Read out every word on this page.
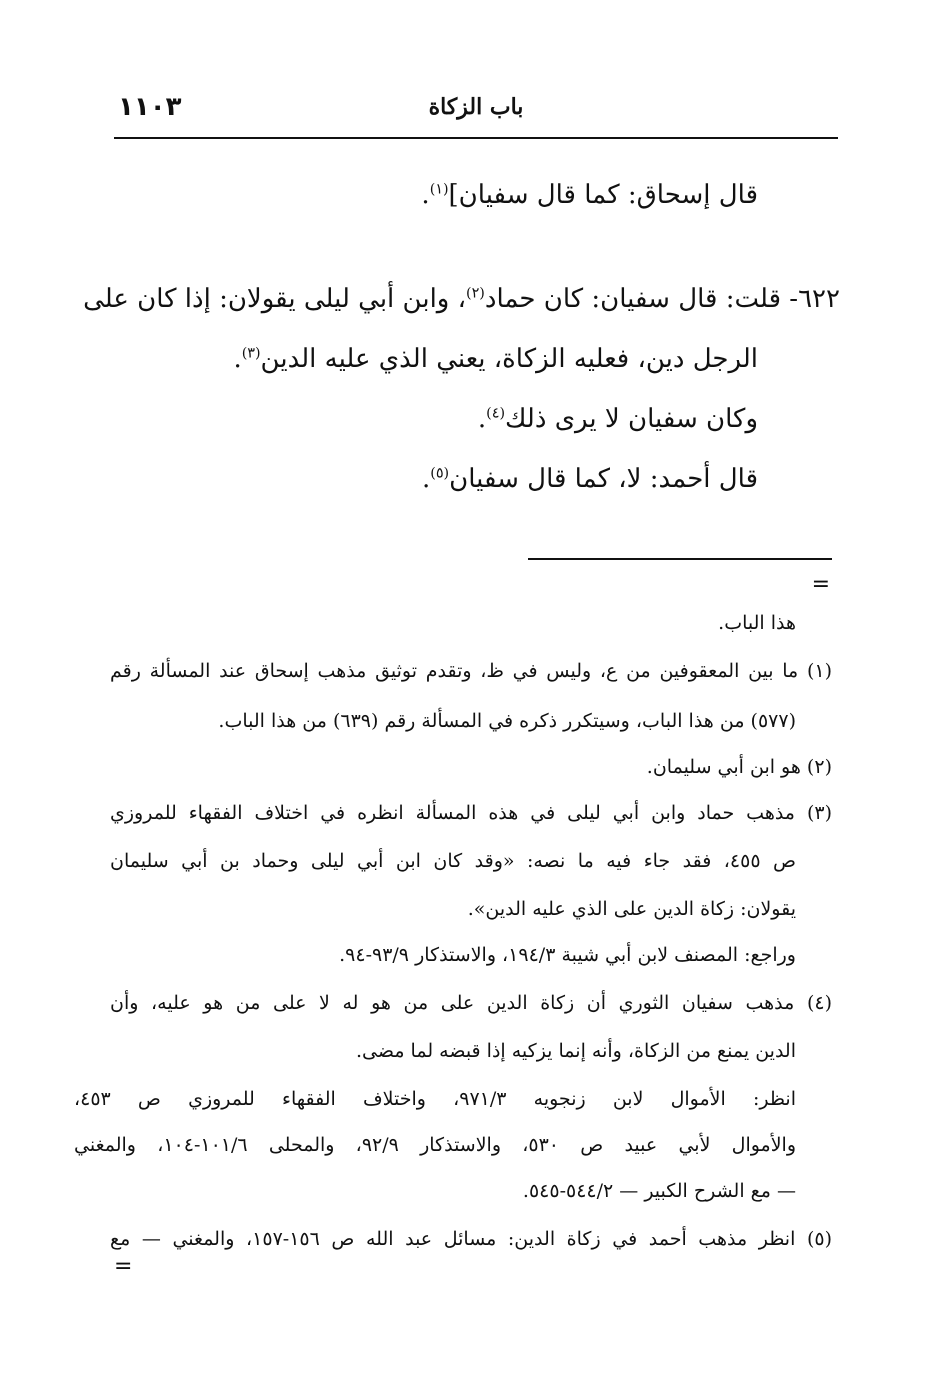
١١٠٣	باب الزكاة
قال إسحاق: كما قال سفيان]$^{(١)}$.
٦٢٢- قلت: قال سفيان: كان حماد$^{(٢)}$، وابن أبي ليلى يقولان: إذا كان على
الرجل دين، فعليه الزكاة، يعني الذي عليه الدين$^{(٣)}$.
وكان سفيان لا يرى ذلك$^{(٤)}$.
قال أحمد: لا، كما قال سفيان$^{(٥)}$.
=
هذا الباب.
(١) ما بين المعقوفين من ع، وليس في ظ، وتقدم توثيق مذهب إسحاق عند المسألة رقم
(٥٧٧) من هذا الباب، وسيتكرر ذكره في المسألة رقم (٦٣٩) من هذا الباب.
(٢) هو ابن أبي سليمان.
(٣) مذهب حماد وابن أبي ليلى في هذه المسألة انظره في اختلاف الفقهاء للمروزي
ص ٤٥٥، فقد جاء فيه ما نصه: «وقد كان ابن أبي ليلى وحماد بن أبي سليمان
يقولان: زكاة الدين على الذي عليه الدين».
وراجع: المصنف لابن أبي شيبة ١٩٤/٣، والاستذكار ٩٣/٩-٩٤.
(٤) مذهب سفيان الثوري أن زكاة الدين على من هو له لا على من هو عليه، وأن
الدين يمنع من الزكاة، وأنه إنما يزكيه إذا قبضه لما مضى.
انظر: الأموال لابن زنجويه ٩٧١/٣، واختلاف الفقهاء للمروزي ص ٤٥٣،
والأموال لأبي عبيد ص ٥٣٠، والاستذكار ٩٢/٩، والمحلى ١٠١/٦-١٠٤، والمغني
— مع الشرح الكبير — ٥٤٤/٢-٥٤٥.
(٥) انظر مذهب أحمد في زكاة الدين: مسائل عبد الله ص ١٥٦-١٥٧، والمغني — مع
=
